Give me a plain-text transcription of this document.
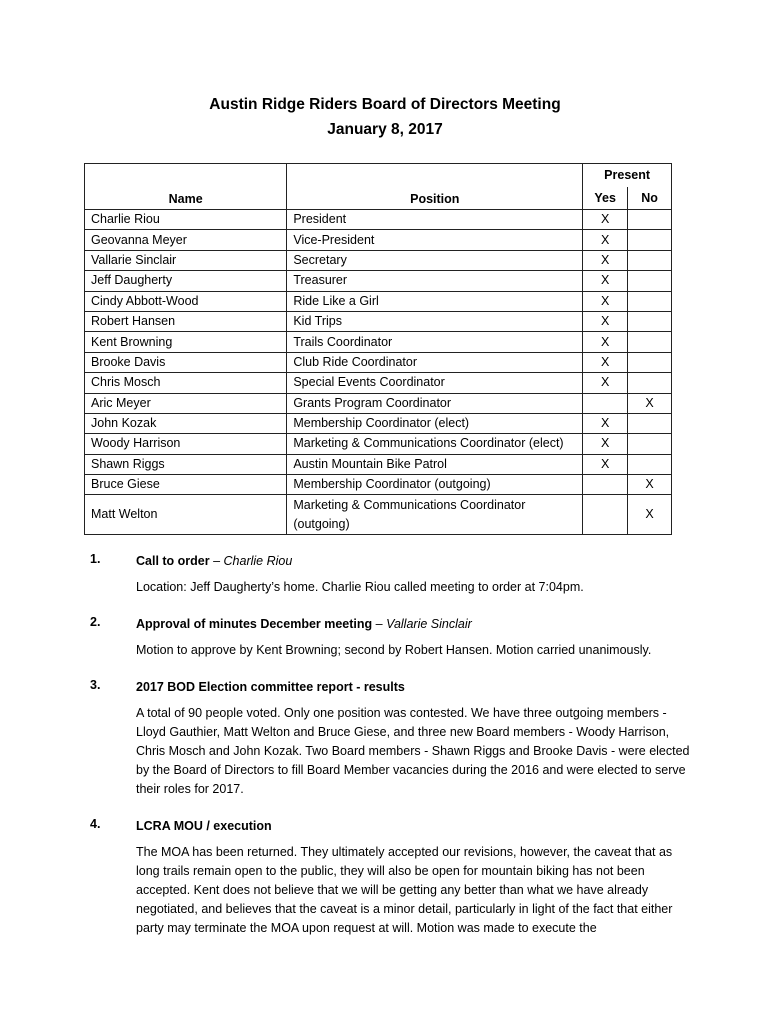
Austin Ridge Riders Board of Directors Meeting
January 8, 2017
Name	Position	Present	
		Yes	No
Charlie Riou	President	X	
Geovanna Meyer	Vice-President	X	
Vallarie Sinclair	Secretary	X	
Jeff Daugherty	Treasurer	X	
Cindy Abbott-Wood	Ride Like a Girl	X	
Robert Hansen	Kid Trips	X	
Kent Browning	Trails Coordinator	X	
Brooke Davis	Club Ride Coordinator	X	
Chris Mosch	Special Events Coordinator	X	
Aric Meyer	Grants Program Coordinator		X
John Kozak	Membership Coordinator (elect)	X	
Woody Harrison	Marketing & Communications Coordinator (elect)	X	
Shawn Riggs	Austin Mountain Bike Patrol	X	
Bruce Giese	Membership Coordinator (outgoing)		X
Matt Welton	Marketing & Communications Coordinator (outgoing)		X
1.	Call to order – Charlie Riou
Location: Jeff Daugherty’s home. Charlie Riou called meeting to order at 7:04pm.
2.	Approval of minutes December meeting – Vallarie Sinclair
Motion to approve by Kent Browning; second by Robert Hansen. Motion carried unanimously.
3.	2017 BOD Election committee report - results
A total of 90 people voted. Only one position was contested. We have three outgoing members - Lloyd Gauthier, Matt Welton and Bruce Giese, and three new Board members - Woody Harrison, Chris Mosch and John Kozak. Two Board members - Shawn Riggs and Brooke Davis - were elected by the Board of Directors to fill Board Member vacancies during the 2016 and were elected to serve their roles for 2017.
4.	LCRA MOU / execution
The MOA has been returned. They ultimately accepted our revisions, however, the caveat that as long trails remain open to the public, they will also be open for mountain biking has not been accepted. Kent does not believe that we will be getting any better than what we have already negotiated, and believes that the caveat is a minor detail, particularly in light of the fact that either party may terminate the MOA upon request at will. Motion was made to execute the
